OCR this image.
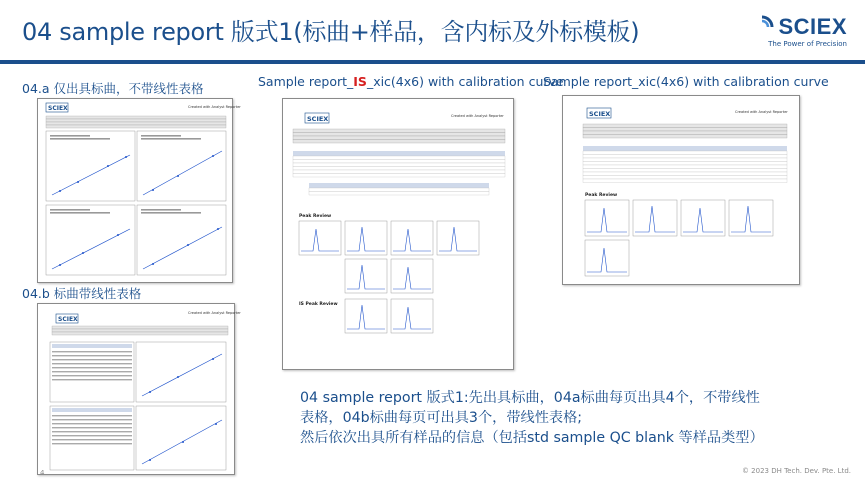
04 sample report 版式1(标曲+样品，含内标及外标模板)	SCIEX
The Power of Precision
04.a 仅出具标曲，不带线性表格
04.b 标曲带线性表格
Sample report_IS_xic(4x6) with calibration curve
Sample report_xic(4x6) with calibration curve
Created with Analyst Reporter
SCIEX
Created with Analyst Reporter
SCIEX
SCIEX	Created with Analyst Reporter
Peak Review
IS Peak Review
SCIEX	Created with Analyst Reporter
Peak Review

04 sample report 版式1:先出具标曲，04a标曲每页出具4个，不带线性

表格，04b标曲每页可出具3个，带线性表格;

然后依次出具所有样品的信息（包括std sample QC blank 等样品类型）

4	© 2023 DH Tech. Dev. Pte. Ltd.
